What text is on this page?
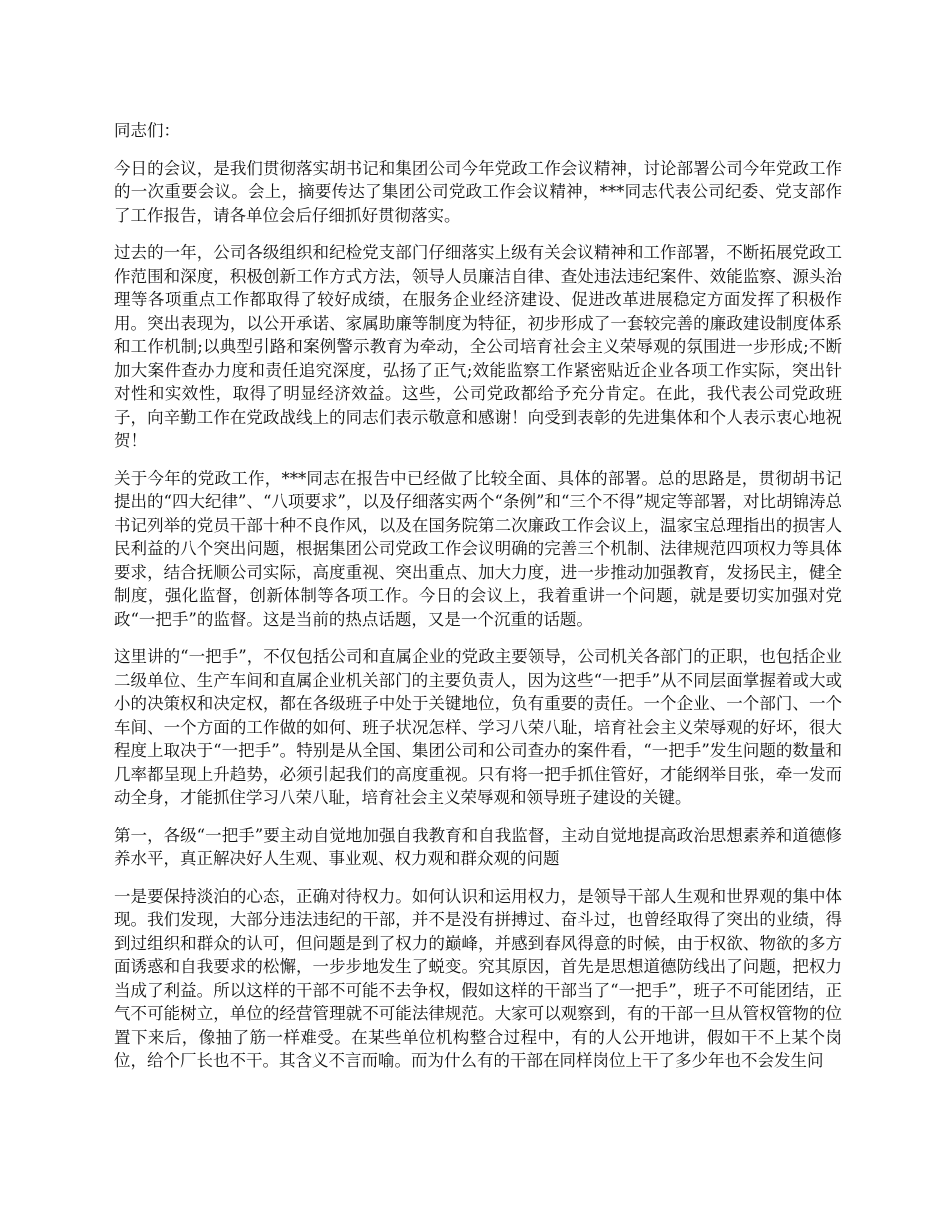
同志们：

今日的会议，是我们贯彻落实胡书记和集团公司今年党政工作会议精神，讨论部署公司今年党政工作的一次重要会议。会上，摘要传达了集团公司党政工作会议精神，***同志代表公司纪委、党支部作了工作报告，请各单位会后仔细抓好贯彻落实。

过去的一年，公司各级组织和纪检党支部门仔细落实上级有关会议精神和工作部署，不断拓展党政工作范围和深度，积极创新工作方式方法，领导人员廉洁自律、查处违法违纪案件、效能监察、源头治理等各项重点工作都取得了较好成绩，在服务企业经济建设、促进改革进展稳定方面发挥了积极作用。突出表现为，以公开承诺、家属助廉等制度为特征，初步形成了一套较完善的廉政建设制度体系和工作机制;以典型引路和案例警示教育为牵动，全公司培育社会主义荣辱观的氛围进一步形成;不断加大案件查办力度和责任追究深度，弘扬了正气;效能监察工作紧密贴近企业各项工作实际，突出针对性和实效性，取得了明显经济效益。这些，公司党政都给予充分肯定。在此，我代表公司党政班子，向辛勤工作在党政战线上的同志们表示敬意和感谢！向受到表彰的先进集体和个人表示衷心地祝贺！

关于今年的党政工作，***同志在报告中已经做了比较全面、具体的部署。总的思路是，贯彻胡书记提出的“四大纪律”、“八项要求”，以及仔细落实两个“条例”和“三个不得”规定等部署，对比胡锦涛总书记列举的党员干部十种不良作风，以及在国务院第二次廉政工作会议上，温家宝总理指出的损害人民利益的八个突出问题，根据集团公司党政工作会议明确的完善三个机制、法律规范四项权力等具体要求，结合抚顺公司实际，高度重视、突出重点、加大力度，进一步推动加强教育，发扬民主，健全制度，强化监督，创新体制等各项工作。今日的会议上，我着重讲一个问题，就是要切实加强对党政“一把手”的监督。这是当前的热点话题，又是一个沉重的话题。

这里讲的“一把手”，不仅包括公司和直属企业的党政主要领导，公司机关各部门的正职，也包括企业二级单位、生产车间和直属企业机关部门的主要负责人，因为这些“一把手”从不同层面掌握着或大或小的决策权和决定权，都在各级班子中处于关键地位，负有重要的责任。一个企业、一个部门、一个车间、一个方面的工作做的如何、班子状况怎样、学习八荣八耻，培育社会主义荣辱观的好坏，很大程度上取决于“一把手”。特别是从全国、集团公司和公司查办的案件看，“一把手”发生问题的数量和几率都呈现上升趋势，必须引起我们的高度重视。只有将一把手抓住管好，才能纲举目张，牵一发而动全身，才能抓住学习八荣八耻，培育社会主义荣辱观和领导班子建设的关键。

第一，各级“一把手”要主动自觉地加强自我教育和自我监督，主动自觉地提高政治思想素养和道德修养水平，真正解决好人生观、事业观、权力观和群众观的问题

一是要保持淡泊的心态，正确对待权力。如何认识和运用权力，是领导干部人生观和世界观的集中体现。我们发现，大部分违法违纪的干部，并不是没有拼搏过、奋斗过，也曾经取得了突出的业绩，得到过组织和群众的认可，但问题是到了权力的巅峰，并感到春风得意的时候，由于权欲、物欲的多方面诱惑和自我要求的松懈，一步步地发生了蜕变。究其原因，首先是思想道德防线出了问题，把权力当成了利益。所以这样的干部不可能不去争权，假如这样的干部当了“一把手”，班子不可能团结，正气不可能树立，单位的经营管理就不可能法律规范。大家可以观察到，有的干部一旦从管权管物的位置下来后，像抽了筋一样难受。在某些单位机构整合过程中，有的人公开地讲，假如干不上某个岗位，给个厂长也不干。其含义不言而喻。而为什么有的干部在同样岗位上干了多少年也不会发生问
